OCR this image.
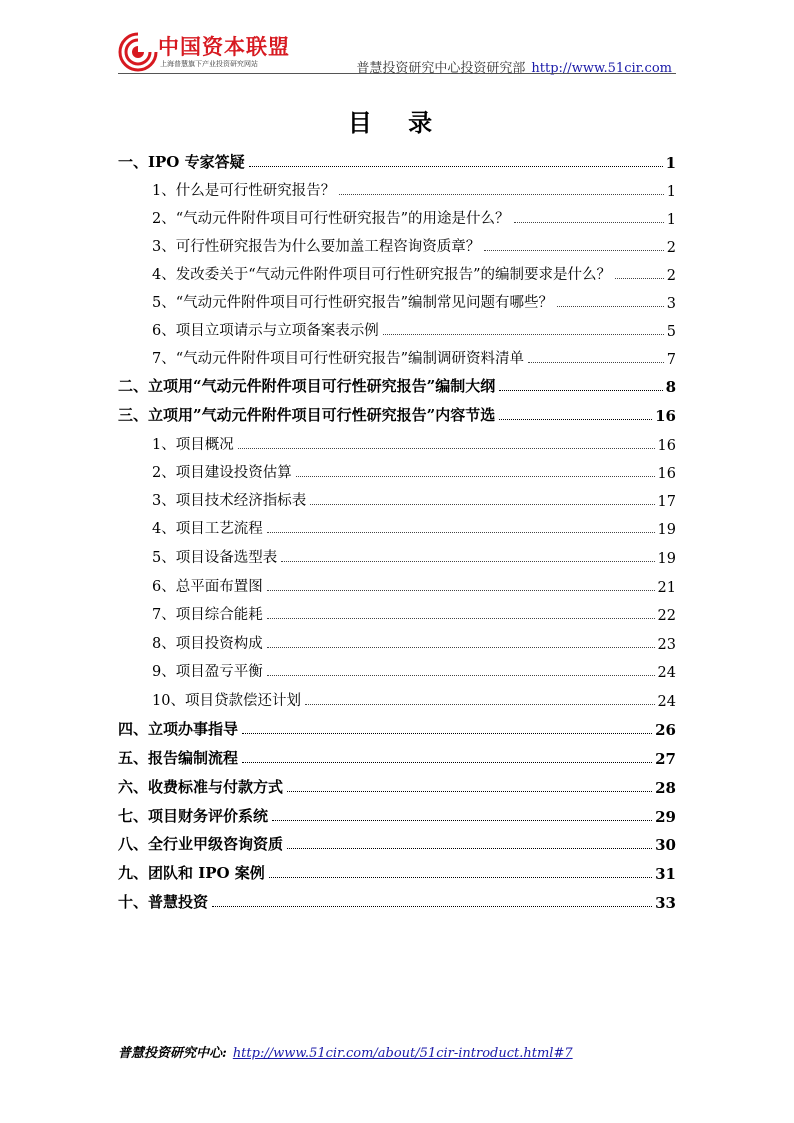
中国资本联盟
上海普慧旗下产业投资研究网站	普慧投资研究中心投资研究部 http://www.51cir.com
目 录
一、IPO 专家答疑	1
1、什么是可行性研究报告？	1
2、“气动元件附件项目可行性研究报告”的用途是什么？	1
3、可行性研究报告为什么要加盖工程咨询资质章？	2
4、发改委关于“气动元件附件项目可行性研究报告”的编制要求是什么？	2
5、“气动元件附件项目可行性研究报告”编制常见问题有哪些？	3
6、项目立项请示与立项备案表示例	5
7、“气动元件附件项目可行性研究报告”编制调研资料清单	7
二、立项用“气动元件附件项目可行性研究报告”编制大纲	8
三、立项用”气动元件附件项目可行性研究报告”内容节选	16
1、项目概况	16
2、项目建设投资估算	16
3、项目技术经济指标表	17
4、项目工艺流程	19
5、项目设备选型表	19
6、总平面布置图	21
7、项目综合能耗	22
8、项目投资构成	23
9、项目盈亏平衡	24
10、项目贷款偿还计划	24
四、立项办事指导	26
五、报告编制流程	27
六、收费标准与付款方式	28
七、项目财务评价系统	29
八、全行业甲级咨询资质	30
九、团队和 IPO 案例	31
十、普慧投资	33
普慧投资研究中心: http://www.51cir.com/about/51cir-introduct.html#7
